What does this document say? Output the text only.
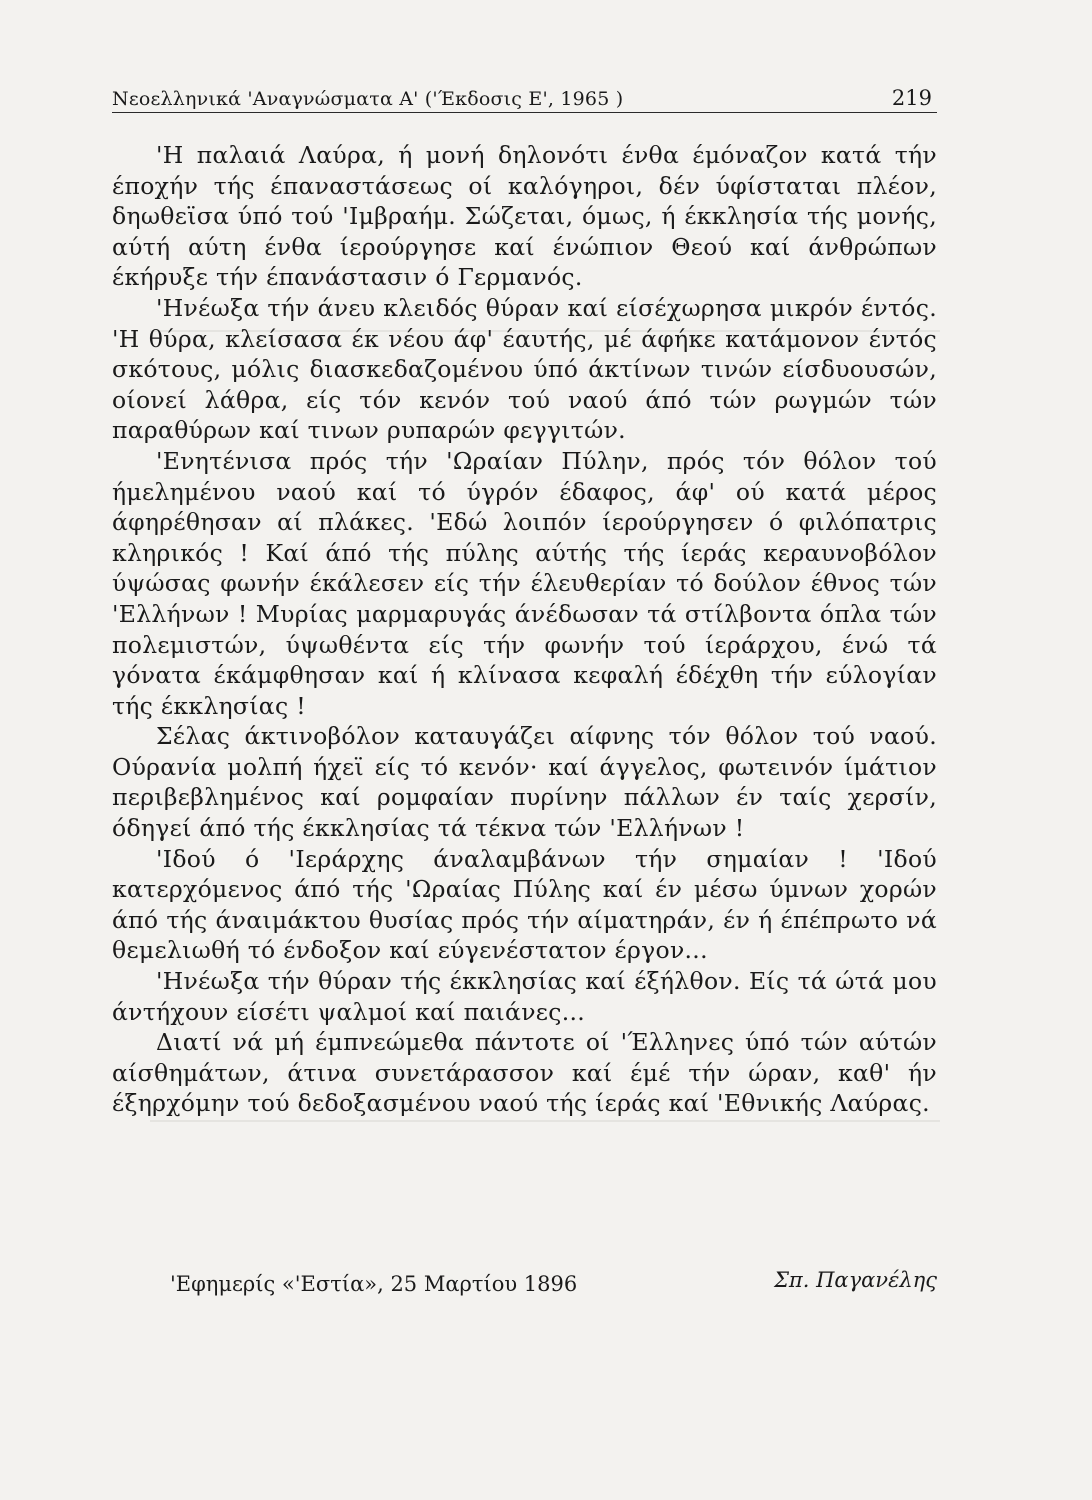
Νεοελληνικά 'Αναγνώσματα Α' ('Έκδοσις Ε', 1965 )	219

'Η παλαιά Λαύρα, ή μονή δηλονότι ένθα έμόναζον κατά τήν έποχήν τής έπαναστάσεως οί καλόγηροι, δέν ύφίσταται πλέον, δηωθεϊσα ύπό τού 'Ιμβραήμ. Σώζεται, όμως, ή έκκλησία τής μονής, αύτή αύτη ένθα ίερούργησε καί ένώπιον Θεού καί άνθρώπων έκήρυξε τήν έπανάστασιν ό Γερμανός.

'Ηνέωξα τήν άνευ κλειδός θύραν καί είσέχωρησα μικρόν έντός. 'Η θύρα, κλείσασα έκ νέου άφ' έαυτής, μέ άφήκε κατάμονον έντός σκότους, μόλις διασκεδαζομένου ύπό άκτίνων τινών είσδυουσών, οίονεί λάθρα, είς τόν κενόν τού ναού άπό τών ρωγμών τών παραθύρων καί τινων ρυπαρών φεγγιτών.

'Ενητένισα πρός τήν 'Ωραίαν Πύλην, πρός τόν θόλον τού ήμελημένου ναού καί τό ύγρόν έδαφος, άφ' ού κατά μέρος άφηρέθησαν αί πλάκες. 'Εδώ λοιπόν ίερούργησεν ό φιλόπατρις κληρικός ! Καί άπό τής πύλης αύτής τής ίεράς κεραυνοβόλον ύψώσας φωνήν έκάλεσεν είς τήν έλευθερίαν τό δούλον έθνος τών 'Ελλήνων ! Μυρίας μαρμαρυγάς άνέδωσαν τά στίλβοντα όπλα τών πολεμιστών, ύψωθέντα είς τήν φωνήν τού ίεράρχου, ένώ τά γόνατα έκάμφθησαν καί ή κλίνασα κεφαλή έδέχθη τήν εύλογίαν τής έκκλησίας !

Σέλας άκτινοβόλον καταυγάζει αίφνης τόν θόλον τού ναού. Ούρανία μολπή ήχεϊ είς τό κενόν· καί άγγελος, φωτεινόν ίμάτιον περιβεβλημένος καί ρομφαίαν πυρίνην πάλλων έν ταίς χερσίν, όδηγεί άπό τής έκκλησίας τά τέκνα τών 'Ελλήνων !

'Ιδού ό 'Ιεράρχης άναλαμβάνων τήν σημαίαν ! 'Ιδού κατερχόμενος άπό τής 'Ωραίας Πύλης καί έν μέσω ύμνων χορών άπό τής άναιμάκτου θυσίας πρός τήν αίματηράν, έν ή έπέπρωτο νά θεμελιωθή τό ένδοξον καί εύγενέστατον έργον...

'Ηνέωξα τήν θύραν τής έκκλησίας καί έξήλθον. Είς τά ώτά μου άντήχουν είσέτι ψαλμοί καί παιάνες...

Διατί νά μή έμπνεώμεθα πάντοτε οί 'Έλληνες ύπό τών αύτών αίσθημάτων, άτινα συνετάρασσον καί έμέ τήν ώραν, καθ' ήν έξηρχόμην τού δεδοξασμένου ναού τής ίεράς καί 'Εθνικής Λαύρας.

'Εφημερίς «'Εστία», 25 Μαρτίου 1896	Σπ. Παγανέλης
